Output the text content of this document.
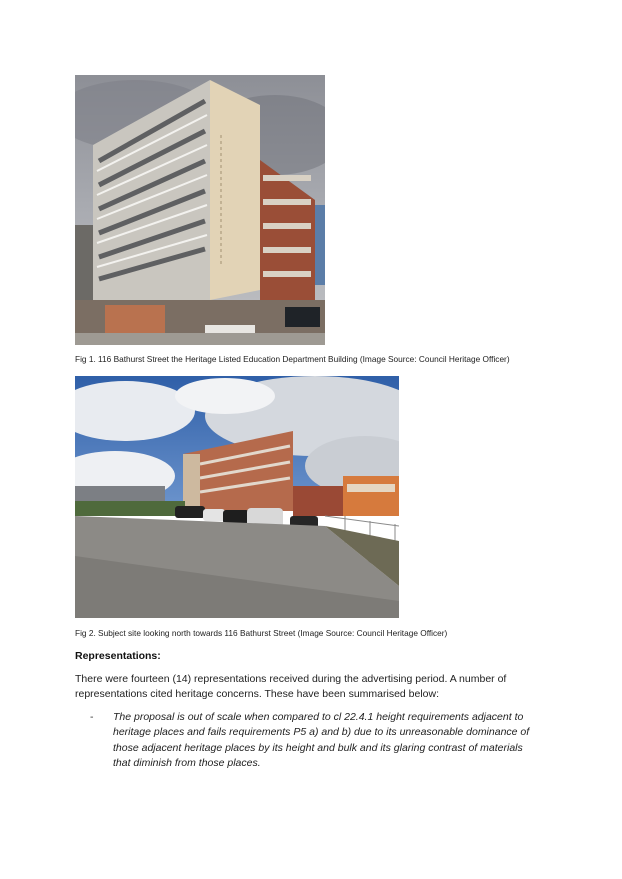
Fig 1. 116 Bathurst Street the Heritage Listed Education Department Building (Image Source: Council Heritage Officer)
Fig 2. Subject site looking north towards 116 Bathurst Street (Image Source: Council Heritage Officer)
Representations:
There were fourteen (14) representations received during the advertising period. A number of representations cited heritage concerns. These have been summarised below:
-	The proposal is out of scale when compared to cl 22.4.1 height requirements adjacent to heritage places and fails requirements P5 a) and b) due to its unreasonable dominance of those adjacent heritage places by its height and bulk and its glaring contrast of materials that diminish from those places.
